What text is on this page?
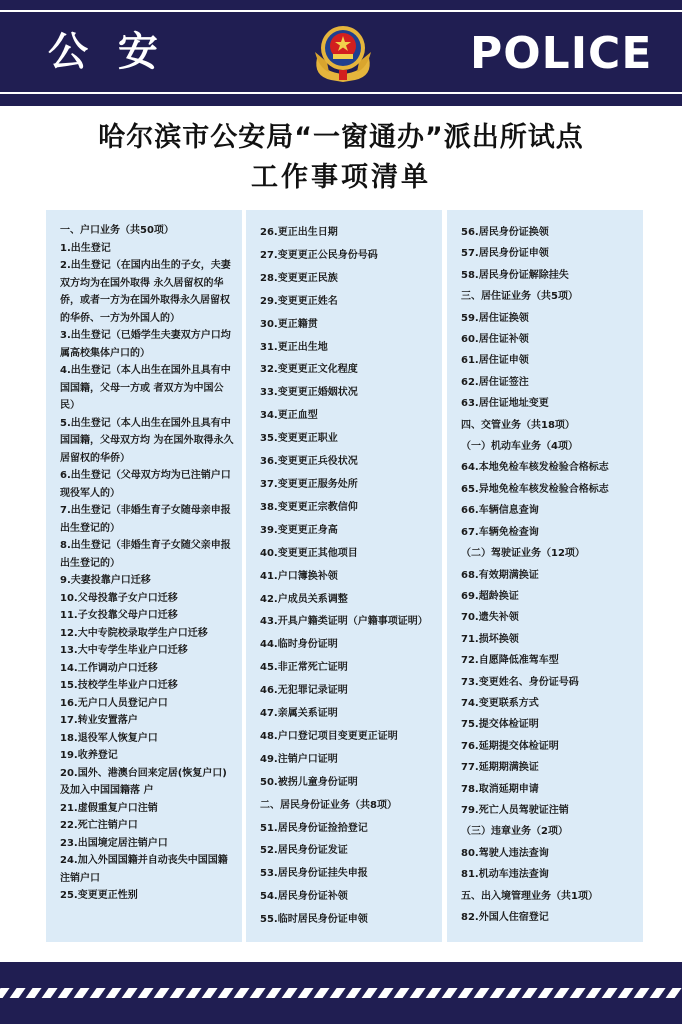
公 安	POLICE
哈尔滨市公安局“一窗通办”派出所试点
工作事项清单
一、户口业务（共50项）
1.出生登记
2.出生登记（在国内出生的子女，夫妻双方均为在国外取得 永久居留权的华侨，或者一方为在国外取得永久居留权的华侨、一方为外国人的）
3.出生登记（已婚学生夫妻双方户口均属高校集体户口的）
4.出生登记（本人出生在国外且具有中国国籍，父母一方或 者双方为中国公民）
5.出生登记（本人出生在国外且具有中国国籍，父母双方均 为在国外取得永久居留权的华侨）
6.出生登记（父母双方均为已注销户口现役军人的）
7.出生登记（非婚生育子女随母亲申报出生登记的）
8.出生登记（非婚生育子女随父亲申报出生登记的）
9.夫妻投靠户口迁移
10.父母投靠子女户口迁移
11.子女投靠父母户口迁移
12.大中专院校录取学生户口迁移
13.大中专学生毕业户口迁移
14.工作调动户口迁移
15.技校学生毕业户口迁移
16.无户口人员登记户口
17.转业安置落户
18.退役军人恢复户口
19.收养登记
20.国外、港澳台回来定居(恢复户口)及加入中国国籍落 户
21.虚假重复户口注销
22.死亡注销户口
23.出国境定居注销户口
24.加入外国国籍并自动丧失中国国籍注销户口
25.变更更正性别
26.更正出生日期
27.变更更正公民身份号码
28.变更更正民族
29.变更更正姓名
30.更正籍贯
31.更正出生地
32.变更更正文化程度
33.变更更正婚姻状况
34.更正血型
35.变更更正职业
36.变更更正兵役状况
37.变更更正服务处所
38.变更更正宗教信仰
39.变更更正身高
40.变更更正其他项目
41.户口簿换补领
42.户成员关系调整
43.开具户籍类证明（户籍事项证明）
44.临时身份证明
45.非正常死亡证明
46.无犯罪记录证明
47.亲属关系证明
48.户口登记项目变更更正证明
49.注销户口证明
50.被拐儿童身份证明
二、居民身份证业务（共8项）
51.居民身份证捡拾登记
52.居民身份证发证
53.居民身份证挂失申报
54.居民身份证补领
55.临时居民身份证申领
56.居民身份证换领
57.居民身份证申领
58.居民身份证解除挂失
三、居住证业务（共5项）
59.居住证换领
60.居住证补领
61.居住证申领
62.居住证签注
63.居住证地址变更
四、交管业务（共18项）
（一）机动车业务（4项）
64.本地免检车核发检验合格标志
65.异地免检车核发检验合格标志
66.车辆信息查询
67.车辆免检查询
（二）驾驶证业务（12项）
68.有效期满换证
69.超龄换证
70.遗失补领
71.损坏换领
72.自愿降低准驾车型
73.变更姓名、身份证号码
74.变更联系方式
75.提交体检证明
76.延期提交体检证明
77.延期期满换证
78.取消延期申请
79.死亡人员驾驶证注销
（三）违章业务（2项）
80.驾驶人违法查询
81.机动车违法查询
五、出入境管理业务（共1项）
82.外国人住宿登记
